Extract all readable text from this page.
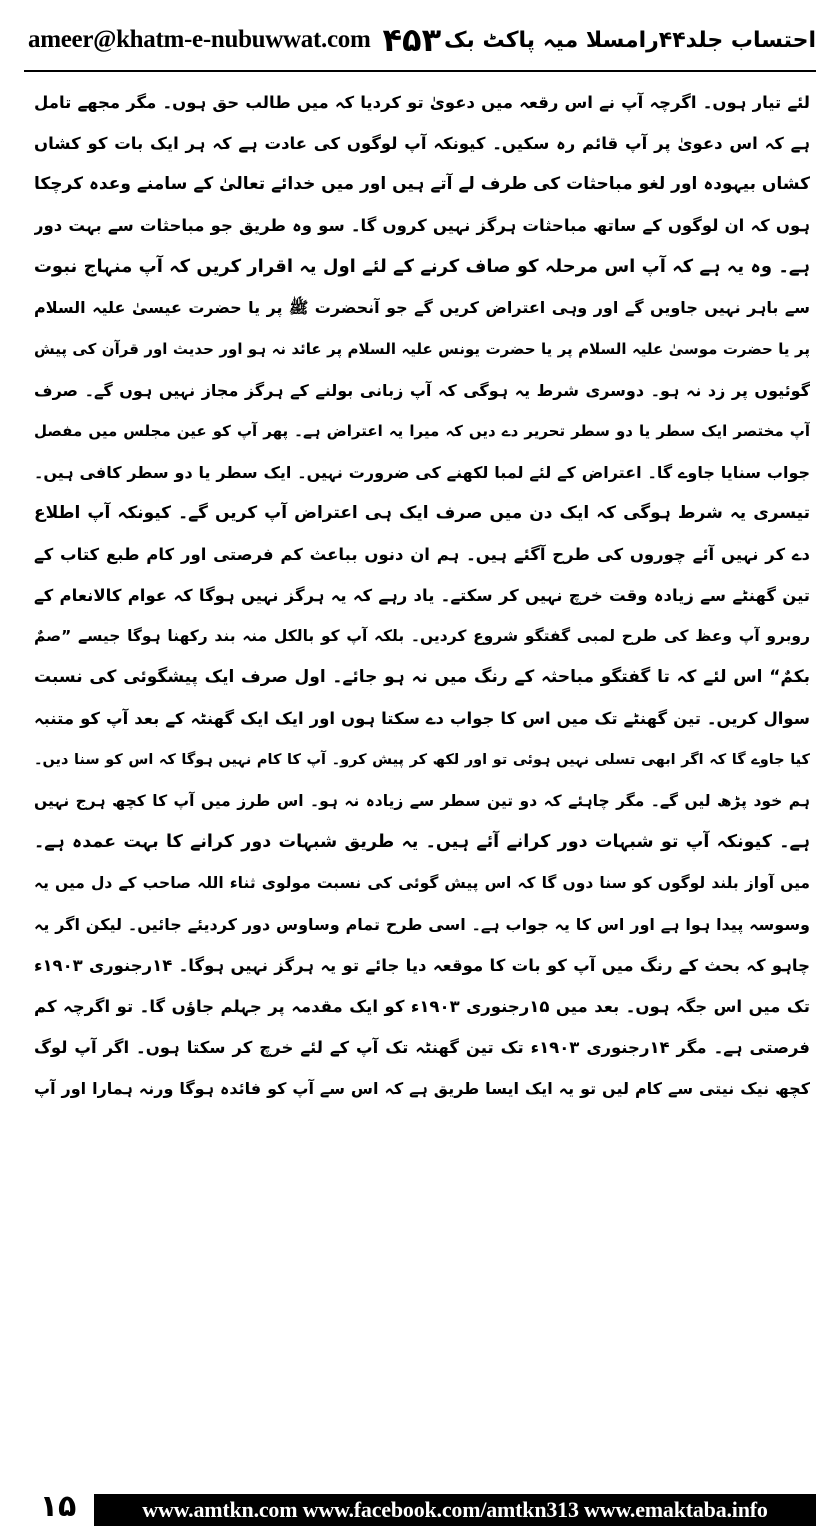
ameer@khatm-e-nubuwwat.com ۴۵۳ احتساب جلد۴۴رامسلا میہ پاکٹ بک
لئے تیار ہوں۔ اگرچہ آپ نے اس رقعہ میں دعویٰ تو کردیا کہ میں طالب حق ہوں۔ مگر مجھے تامل
ہے کہ اس دعویٰ پر آپ قائم رہ سکیں۔ کیونکہ آپ لوگوں کی عادت ہے کہ ہر ایک بات کو کشاں
کشاں بیہودہ اور لغو مباحثات کی طرف لے آتے ہیں اور میں خدائے تعالیٰ کے سامنے وعدہ کرچکا
ہوں کہ ان لوگوں کے ساتھ مباحثات ہرگز نہیں کروں گا۔ سو وہ طریق جو مباحثات سے بہت دور
ہے۔ وہ یہ ہے کہ آپ اس مرحلہ کو صاف کرنے کے لئے اول یہ اقرار کریں کہ آپ منہاج نبوت
سے باہر نہیں جاویں گے اور وہی اعتراض کریں گے جو آنحضرت ﷺ پر یا حضرت عیسیٰ علیہ السلام
پر یا حضرت موسیٰ علیہ السلام پر یا حضرت یونس علیہ السلام پر عائد نہ ہو اور حدیث اور قرآن کی پیش
گوئیوں پر زد نہ ہو۔ دوسری شرط یہ ہوگی کہ آپ زبانی بولنے کے ہرگز مجاز نہیں ہوں گے۔ صرف
آپ مختصر ایک سطر یا دو سطر تحریر دے دیں کہ میرا یہ اعتراض ہے۔ پھر آپ کو عین مجلس میں مفصل
جواب سنایا جاوے گا۔ اعتراض کے لئے لمبا لکھنے کی ضرورت نہیں۔ ایک سطر یا دو سطر کافی ہیں۔
تیسری یہ شرط ہوگی کہ ایک دن میں صرف ایک ہی اعتراض آپ کریں گے۔ کیونکہ آپ اطلاع
دے کر نہیں آئے چوروں کی طرح آگئے ہیں۔ ہم ان دنوں بباعث کم فرصتی اور کام طبع کتاب کے
تین گھنٹے سے زیادہ وقت خرچ نہیں کر سکتے۔ یاد رہے کہ یہ ہرگز نہیں ہوگا کہ عوام کالانعام کے
روبرو آپ وعظ کی طرح لمبی گفتگو شروع کردیں۔ بلکہ آپ کو بالکل منہ بند رکھنا ہوگا جیسے ”صمٌ
بکمٌ“ اس لئے کہ تا گفتگو مباحثہ کے رنگ میں نہ ہو جائے۔ اول صرف ایک پیشگوئی کی نسبت
سوال کریں۔ تین گھنٹے تک میں اس کا جواب دے سکتا ہوں اور ایک ایک گھنٹہ کے بعد آپ کو متنبہ
کیا جاوے گا کہ اگر ابھی تسلی نہیں ہوئی تو اور لکھ کر پیش کرو۔ آپ کا کام نہیں ہوگا کہ اس کو سنا دیں۔
ہم خود پڑھ لیں گے۔ مگر چاہئے کہ دو تین سطر سے زیادہ نہ ہو۔ اس طرز میں آپ کا کچھ ہرج نہیں
ہے۔ کیونکہ آپ تو شبہات دور کرانے آئے ہیں۔ یہ طریق شبہات دور کرانے کا بہت عمدہ ہے۔
میں آواز بلند لوگوں کو سنا دوں گا کہ اس پیش گوئی کی نسبت مولوی ثناء اللہ صاحب کے دل میں یہ
وسوسہ پیدا ہوا ہے اور اس کا یہ جواب ہے۔ اسی طرح تمام وساوس دور کردیئے جائیں۔ لیکن اگر یہ
چاہو کہ بحث کے رنگ میں آپ کو بات کا موقعہ دیا جائے تو یہ ہرگز نہیں ہوگا۔ ۱۴رجنوری ۱۹۰۳ء
تک میں اس جگہ ہوں۔ بعد میں ۱۵رجنوری ۱۹۰۳ء کو ایک مقدمہ پر جہلم جاؤں گا۔ تو اگرچہ کم
فرصتی ہے۔ مگر ۱۴رجنوری ۱۹۰۳ء تک تین گھنٹہ تک آپ کے لئے خرچ کر سکتا ہوں۔ اگر آپ لوگ
کچھ نیک نیتی سے کام لیں تو یہ ایک ایسا طریق ہے کہ اس سے آپ کو فائدہ ہوگا ورنہ ہمارا اور آپ
۱۵	www.amtkn.com www.facebook.com/amtkn313 www.emaktaba.info
